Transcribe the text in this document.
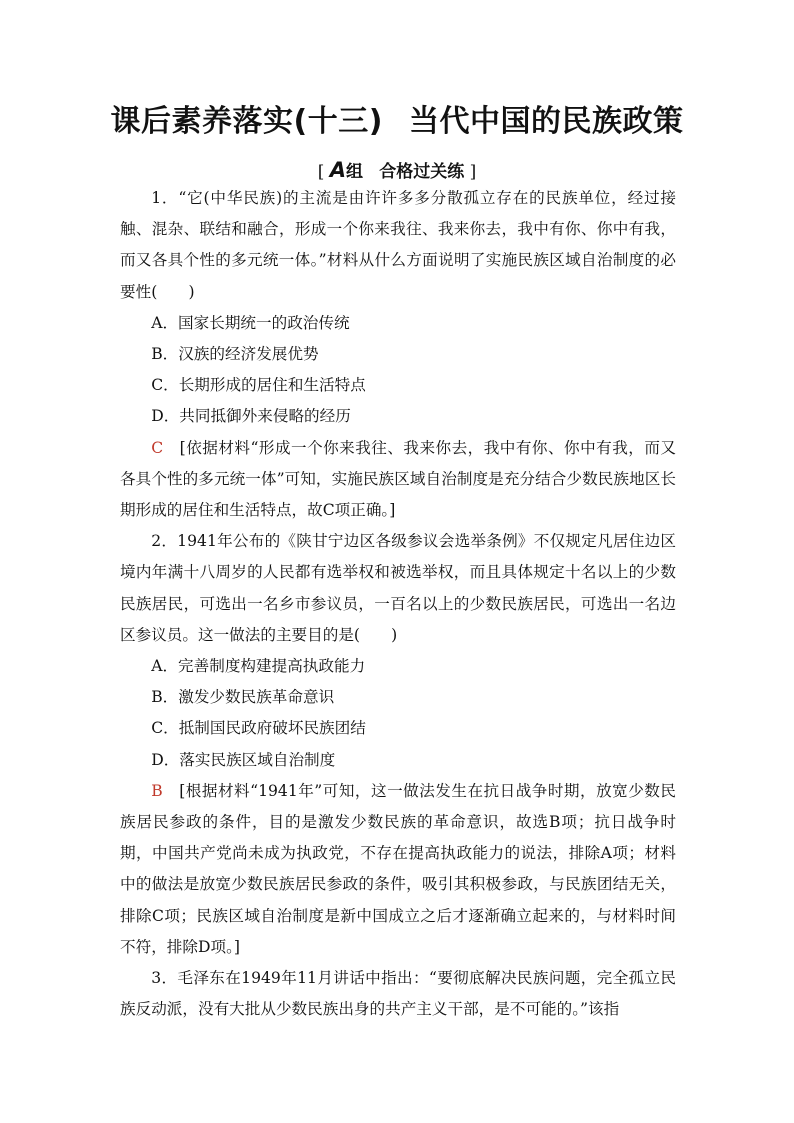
课后素养落实(十三) 当代中国的民族政策
[ A组 合格过关练 ]

1．“它(中华民族)的主流是由许许多多分散孤立存在的民族单位，经过接触、混杂、联结和融合，形成一个你来我往、我来你去，我中有你、你中有我，而又各具个性的多元统一体。”材料从什么方面说明了实施民族区域自治制度的必要性(　　)

A．国家长期统一的政治传统

B．汉族的经济发展优势

C．长期形成的居住和生活特点

D．共同抵御外来侵略的经历

C　 [依据材料“形成一个你来我往、我来你去，我中有你、你中有我，而又各具个性的多元统一体”可知，实施民族区域自治制度是充分结合少数民族地区长期形成的居住和生活特点，故C项正确。]

2．1941年公布的《陕甘宁边区各级参议会选举条例》不仅规定凡居住边区境内年满十八周岁的人民都有选举权和被选举权，而且具体规定十名以上的少数民族居民，可选出一名乡市参议员，一百名以上的少数民族居民，可选出一名边区参议员。这一做法的主要目的是(　　)

A．完善制度构建提高执政能力

B．激发少数民族革命意识

C．抵制国民政府破坏民族团结

D．落实民族区域自治制度

B　 [根据材料“1941年”可知，这一做法发生在抗日战争时期，放宽少数民族居民参政的条件，目的是激发少数民族的革命意识，故选B项；抗日战争时期，中国共产党尚未成为执政党，不存在提高执政能力的说法，排除A项；材料中的做法是放宽少数民族居民参政的条件，吸引其积极参政，与民族团结无关，排除C项；民族区域自治制度是新中国成立之后才逐渐确立起来的，与材料时间不符，排除D项。]

3．毛泽东在1949年11月讲话中指出：“要彻底解决民族问题，完全孤立民族反动派，没有大批从少数民族出身的共产主义干部，是不可能的。”该指
